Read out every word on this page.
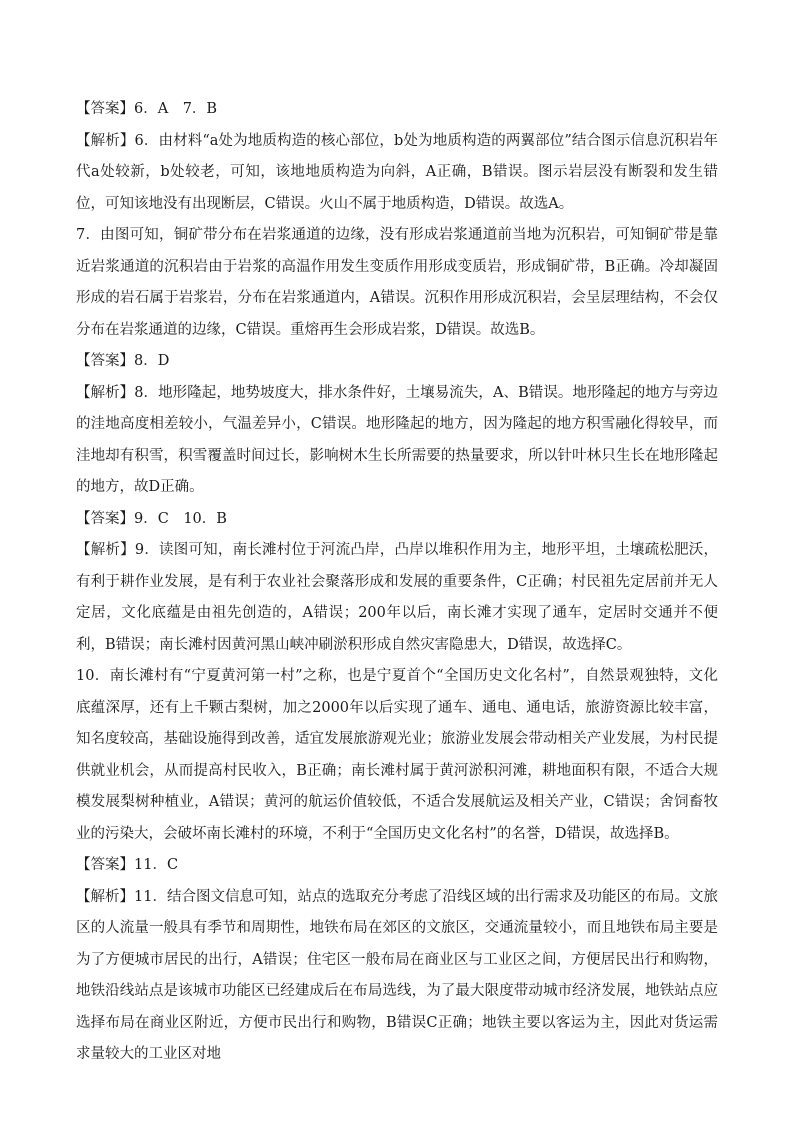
【答案】6．A　7．B

【解析】6．由材料“a处为地质构造的核心部位，b处为地质构造的两翼部位”结合图示信息沉积岩年代a处较新，b处较老，可知，该地地质构造为向斜，A正确，B错误。图示岩层没有断裂和发生错位，可知该地没有出现断层，C错误。火山不属于地质构造，D错误。故选A。

7．由图可知，铜矿带分布在岩浆通道的边缘，没有形成岩浆通道前当地为沉积岩，可知铜矿带是靠近岩浆通道的沉积岩由于岩浆的高温作用发生变质作用形成变质岩，形成铜矿带，B正确。冷却凝固形成的岩石属于岩浆岩，分布在岩浆通道内，A错误。沉积作用形成沉积岩，会呈层理结构，不会仅分布在岩浆通道的边缘，C错误。重熔再生会形成岩浆，D错误。故选B。

【答案】8．D

【解析】8．地形隆起，地势坡度大，排水条件好，土壤易流失，A、B错误。地形隆起的地方与旁边的洼地高度相差较小，气温差异小，C错误。地形隆起的地方，因为隆起的地方积雪融化得较早，而洼地却有积雪，积雪覆盖时间过长，影响树木生长所需要的热量要求，所以针叶林只生长在地形隆起的地方，故D正确。

【答案】9．C　10．B

【解析】9．读图可知，南长滩村位于河流凸岸，凸岸以堆积作用为主，地形平坦，土壤疏松肥沃，有利于耕作业发展，是有利于农业社会聚落形成和发展的重要条件，C正确；村民祖先定居前并无人定居，文化底蕴是由祖先创造的，A错误；200年以后，南长滩才实现了通车，定居时交通并不便利，B错误；南长滩村因黄河黑山峡冲刷淤积形成自然灾害隐患大，D错误，故选择C。

10．南长滩村有“宁夏黄河第一村”之称，也是宁夏首个“全国历史文化名村”，自然景观独特，文化底蕴深厚，还有上千颗古梨树，加之2000年以后实现了通车、通电、通电话，旅游资源比较丰富，知名度较高，基础设施得到改善，适宜发展旅游观光业；旅游业发展会带动相关产业发展，为村民提供就业机会，从而提高村民收入，B正确；南长滩村属于黄河淤积河滩，耕地面积有限，不适合大规模发展梨树种植业，A错误；黄河的航运价值较低，不适合发展航运及相关产业，C错误；舍饲畜牧业的污染大，会破坏南长滩村的环境，不利于“全国历史文化名村”的名誉，D错误，故选择B。

【答案】11．C

【解析】11．结合图文信息可知，站点的选取充分考虑了沿线区域的出行需求及功能区的布局。文旅区的人流量一般具有季节和周期性，地铁布局在郊区的文旅区，交通流量较小，而且地铁布局主要是为了方便城市居民的出行，A错误；住宅区一般布局在商业区与工业区之间，方便居民出行和购物，地铁沿线站点是该城市功能区已经建成后在布局选线，为了最大限度带动城市经济发展，地铁站点应选择布局在商业区附近，方便市民出行和购物，B错误C正确；地铁主要以客运为主，因此对货运需求量较大的工业区对地
